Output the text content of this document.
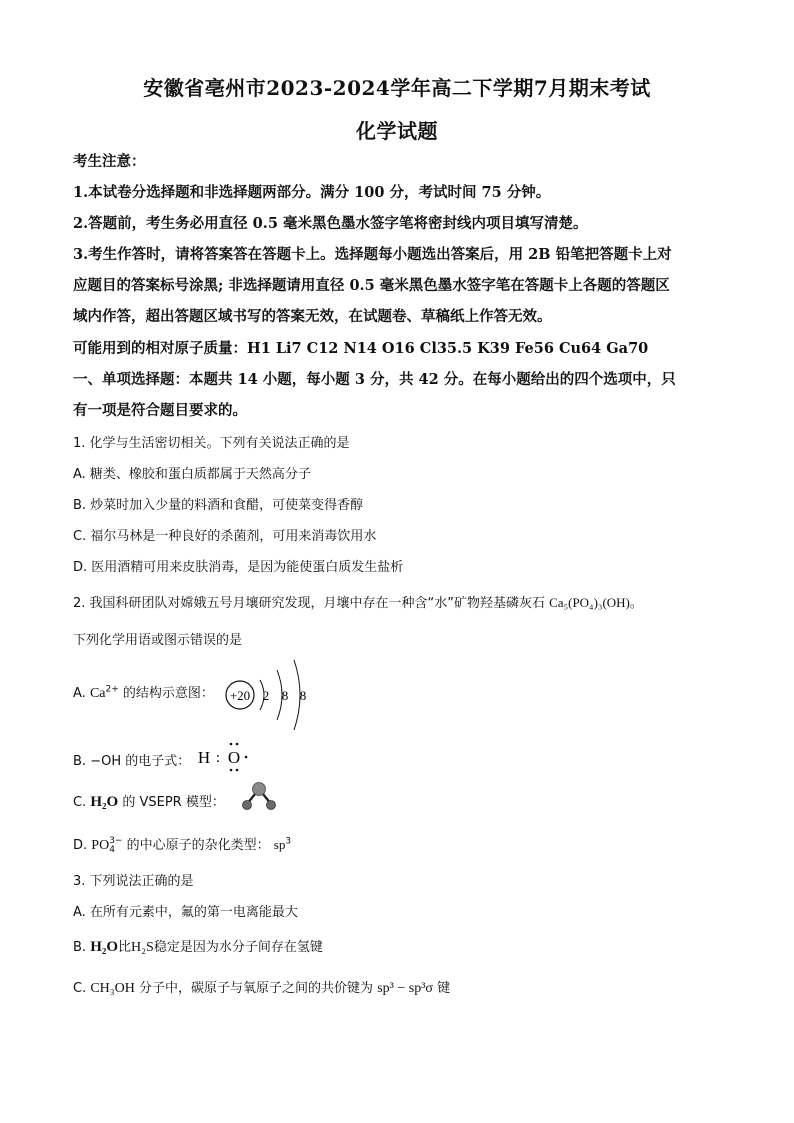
安徽省亳州市2023-2024学年高二下学期7月期末考试
化学试题
考生注意：
1.本试卷分选择题和非选择题两部分。满分 100 分，考试时间 75 分钟。
2.答题前，考生务必用直径 0.5 毫米黑色墨水签字笔将密封线内项目填写清楚。
3.考生作答时，请将答案答在答题卡上。选择题每小题选出答案后，用 2B 铅笔把答题卡上对
应题目的答案标号涂黑; 非选择题请用直径 0.5 毫米黑色墨水签字笔在答题卡上各题的答题区
域内作答，超出答题区域书写的答案无效，在试题卷、草稿纸上作答无效。
可能用到的相对原子质量：H1 Li7 C12 N14 O16 Cl35.5 K39 Fe56 Cu64 Ga70
一、单项选择题：本题共 14 小题，每小题 3 分，共 42 分。在每小题给出的四个选项中，只
有一项是符合题目要求的。
1. 化学与生活密切相关。下列有关说法正确的是
A. 糖类、橡胶和蛋白质都属于天然高分子
B. 炒菜时加入少量的料酒和食醋，可使菜变得香醇
C. 福尔马林是一种良好的杀菌剂，可用来消毒饮用水
D. 医用酒精可用来皮肤消毒，是因为能使蛋白质发生盐析
2. 我国科研团队对嫦娥五号月壤研究发现，月壤中存在一种含“水”矿物羟基磷灰石 Ca₅(PO₄)₃(OH)。
下列化学用语或图示错误的是
A. $Ca^{2+}$ 的结构示意图： +20 2 8 8
B. −OH 的电子式： H : O
C. H₂O 的 VSEPR 模型：
D. PO 3−
4 的中心原子的杂化类型： $sp^3$
3. 下列说法正确的是
A. 在所有元素中，氟的第一电离能最大
B. H₂O比H₂S稳定是因为水分子间存在氢键
C. CH₃OH 分子中，碳原子与氧原子之间的共价键为 sp³ − sp³σ 键
